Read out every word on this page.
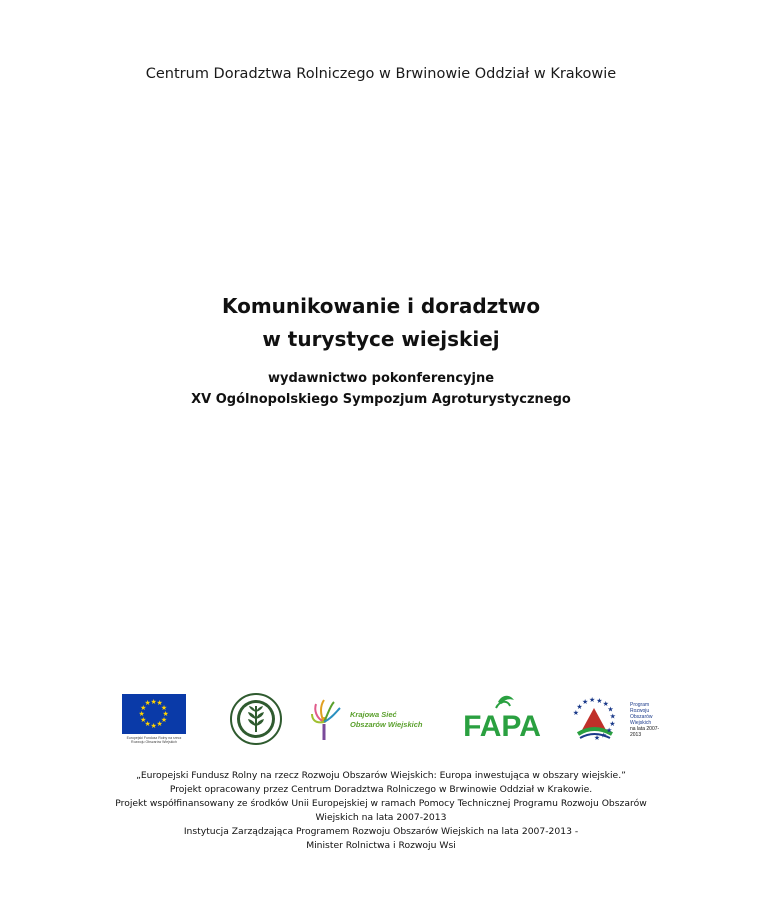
Centrum Doradztwa Rolniczego w Brwinowie Oddział w Krakowie
Komunikowanie i doradztwo
w turystyce wiejskiej
wydawnictwo pokonferencyjne
XV Ogólnopolskiego Sympozjum Agroturystycznego
★ ★
★
★
★
★
★
★
★
★
★
★
Europejski Fundusz Rolny na rzecz Rozwoju Obszarów Wiejskich
Krajowa Sieć
Obszarów Wiejskich FAPA	★
★
★ ★ ★ ★
★
★
★
★
★
★
Program
Rozwoju
Obszarów
Wiejskich
na lata 2007-2013
„Europejski Fundusz Rolny na rzecz Rozwoju Obszarów Wiejskich: Europa inwestująca w obszary wiejskie.”
Projekt opracowany przez Centrum Doradztwa Rolniczego w Brwinowie Oddział w Krakowie.
Projekt współfinansowany ze środków Unii Europejskiej w ramach Pomocy Technicznej Programu Rozwoju Obszarów
Wiejskich na lata 2007-2013
Instytucja Zarządzająca Programem Rozwoju Obszarów Wiejskich na lata 2007-2013 -
Minister Rolnictwa i Rozwoju Wsi
